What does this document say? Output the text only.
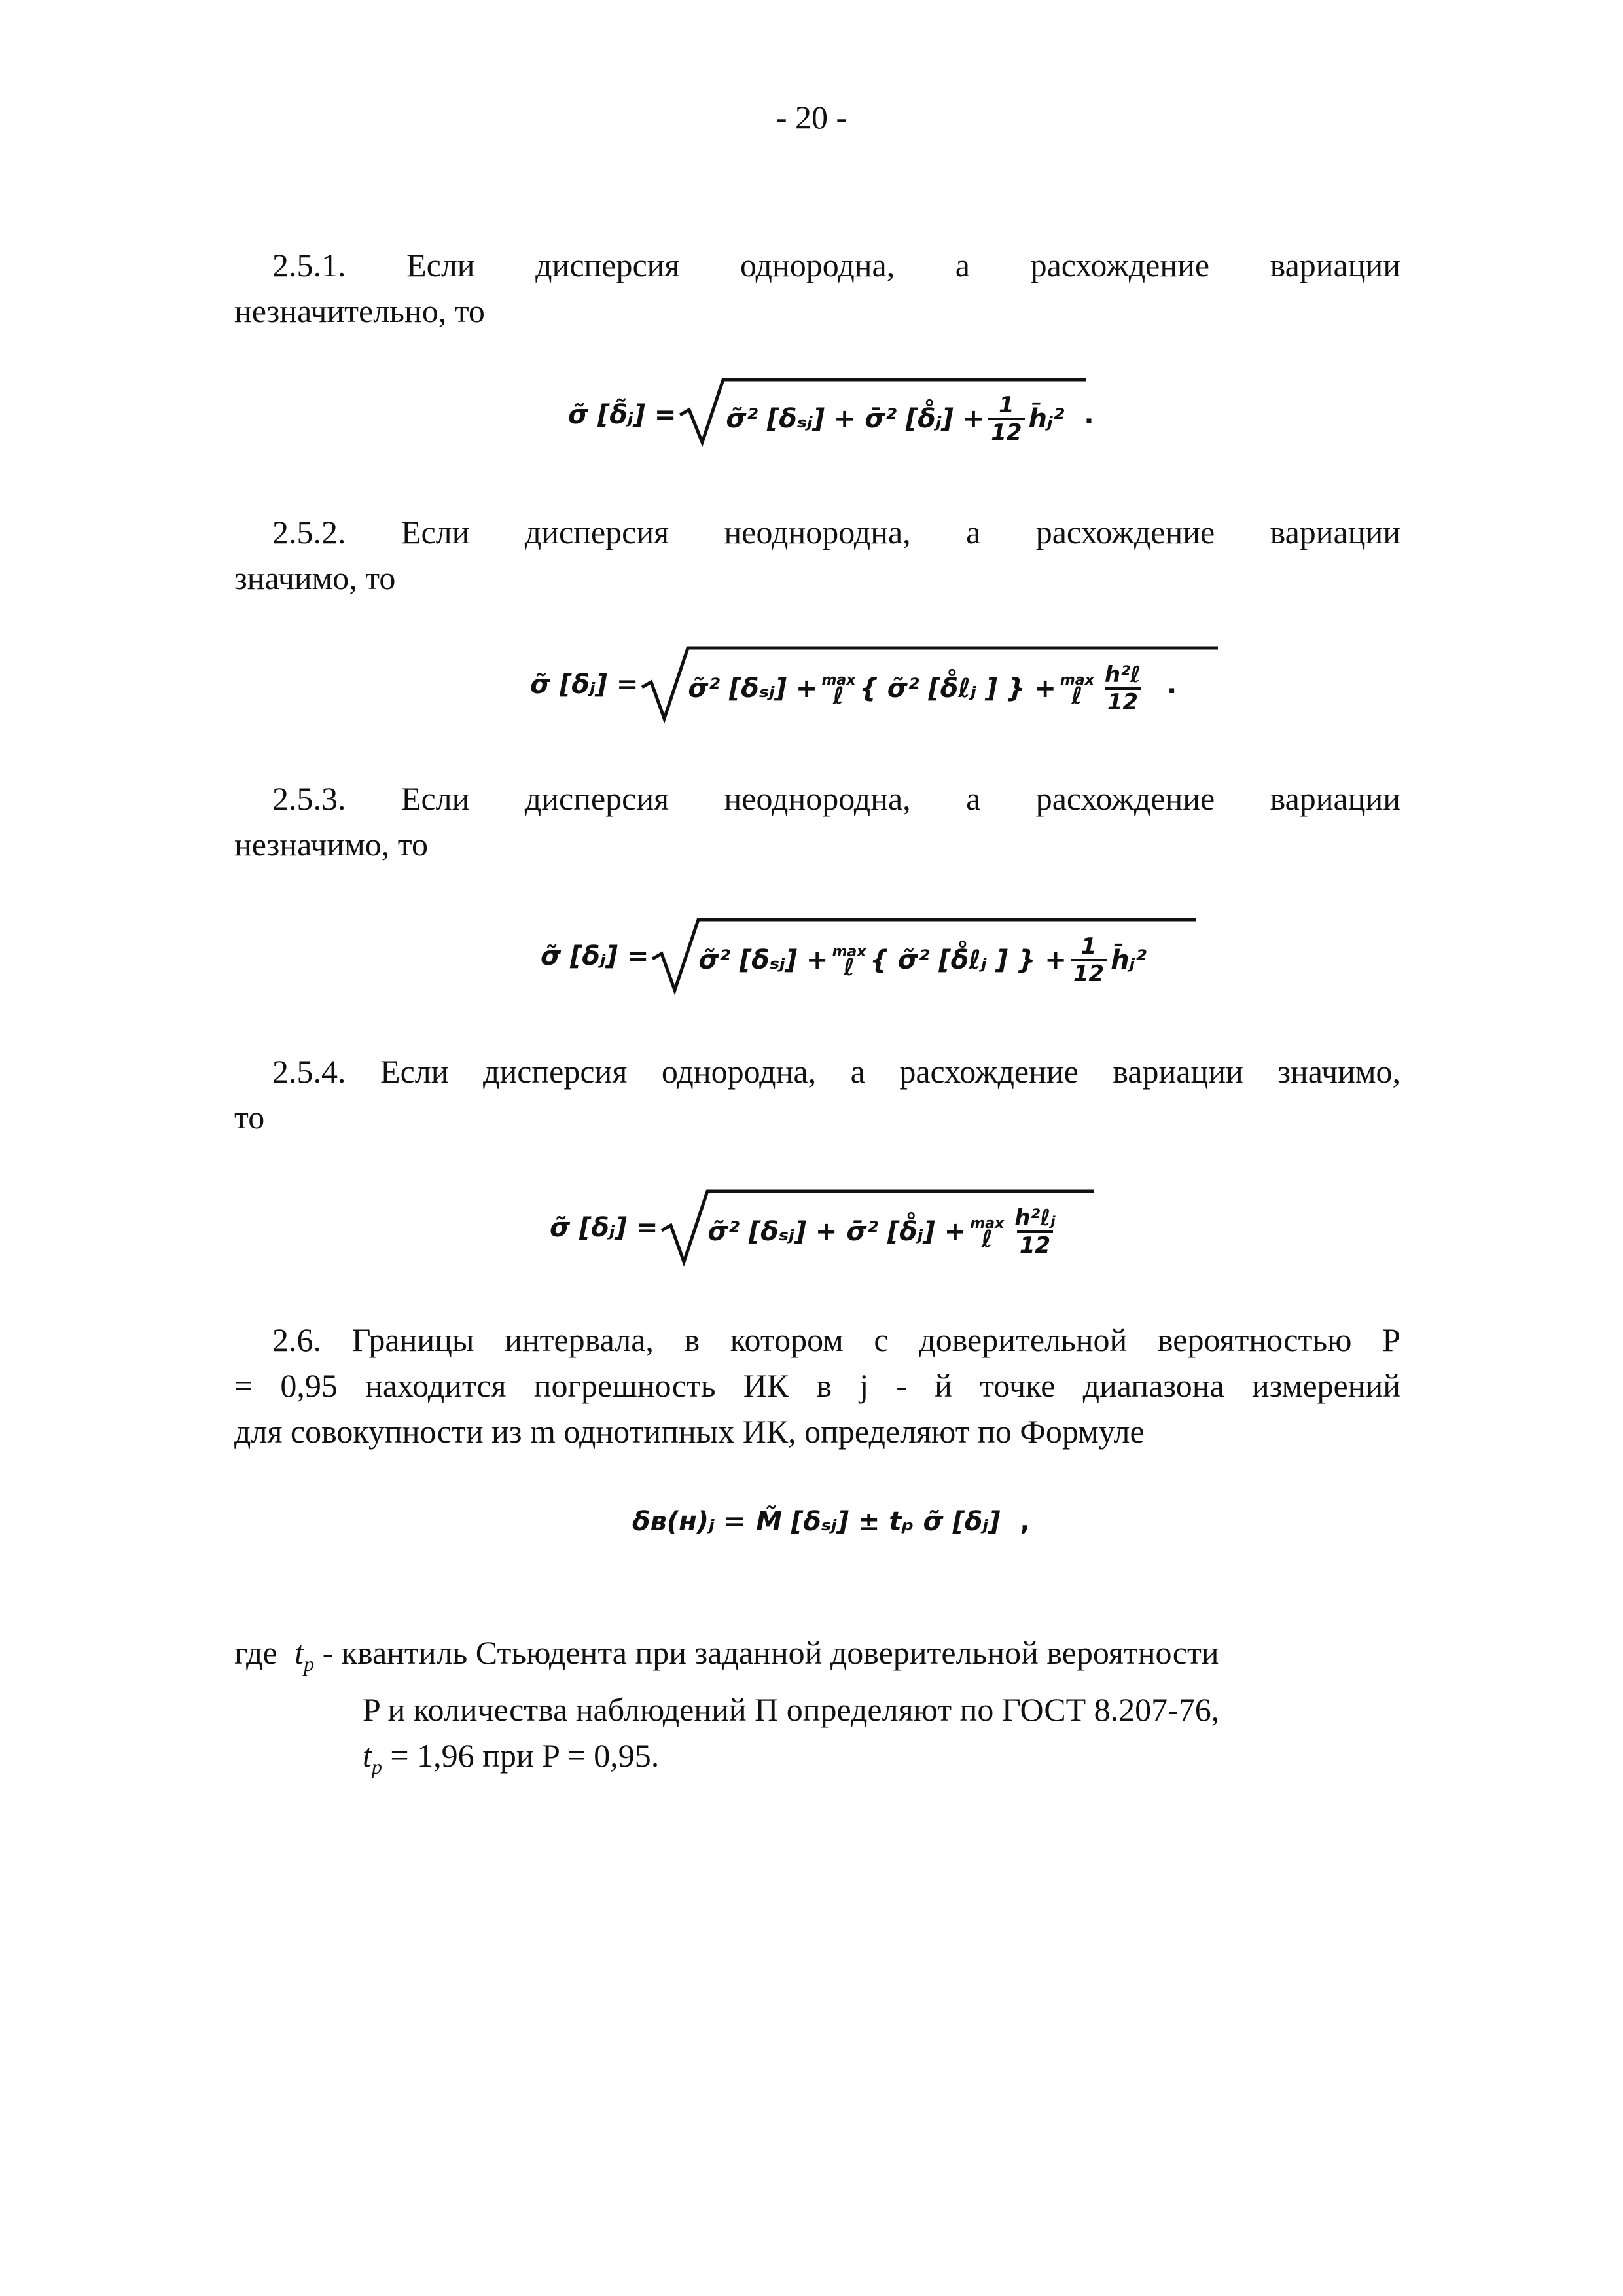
- 20 -
2.5.1. Если дисперсия однородна, а расхождение вариации
незначительно, то
σ̃ [δ̃ⱼ] = σ̃² [δₛⱼ] + σ̄² [δ̊ⱼ] + $\frac{1}{12}$ h̄ⱼ² .
2.5.2. Если дисперсия неоднородна, а расхождение вариации
значимо, то
σ̃ [δⱼ] = σ̃² [δₛⱼ] + max
ℓ { σ̃² [δ̊ℓⱼ ] } + max
ℓ $\frac{\text{h²ℓ}}{12}$ .
2.5.3. Если дисперсия неоднородна, а расхождение вариации
незначимо, то
σ̃ [δⱼ] = σ̃² [δₛⱼ] + max
ℓ { σ̃² [δ̊ℓⱼ ] } + $\frac{1}{12}$ h̄ⱼ²
2.5.4. Если дисперсия однородна, а расхождение вариации значимо,
то
σ̃ [δⱼ] = σ̃² [δₛⱼ] + σ̄² [δ̊ⱼ] + max
ℓ $\frac{\text{h²ℓⱼ}}{12}$
2.6. Границы интервала, в котором с доверительной вероятностью P
= 0,95 находится погрешность ИК в j - й точке диапазона измерений
для совокупности из m однотипных ИК, определяют по Формуле
δв(н)ⱼ = M̃ [δₛⱼ] ± tₚ σ̃ [δⱼ] ,
где $t_p$ - квантиль Стьюдента при заданной доверительной вероятности
P и количества наблюдений П определяют по ГОСТ 8.207-76,
$t_p = 1,96$ при P = 0,95.
